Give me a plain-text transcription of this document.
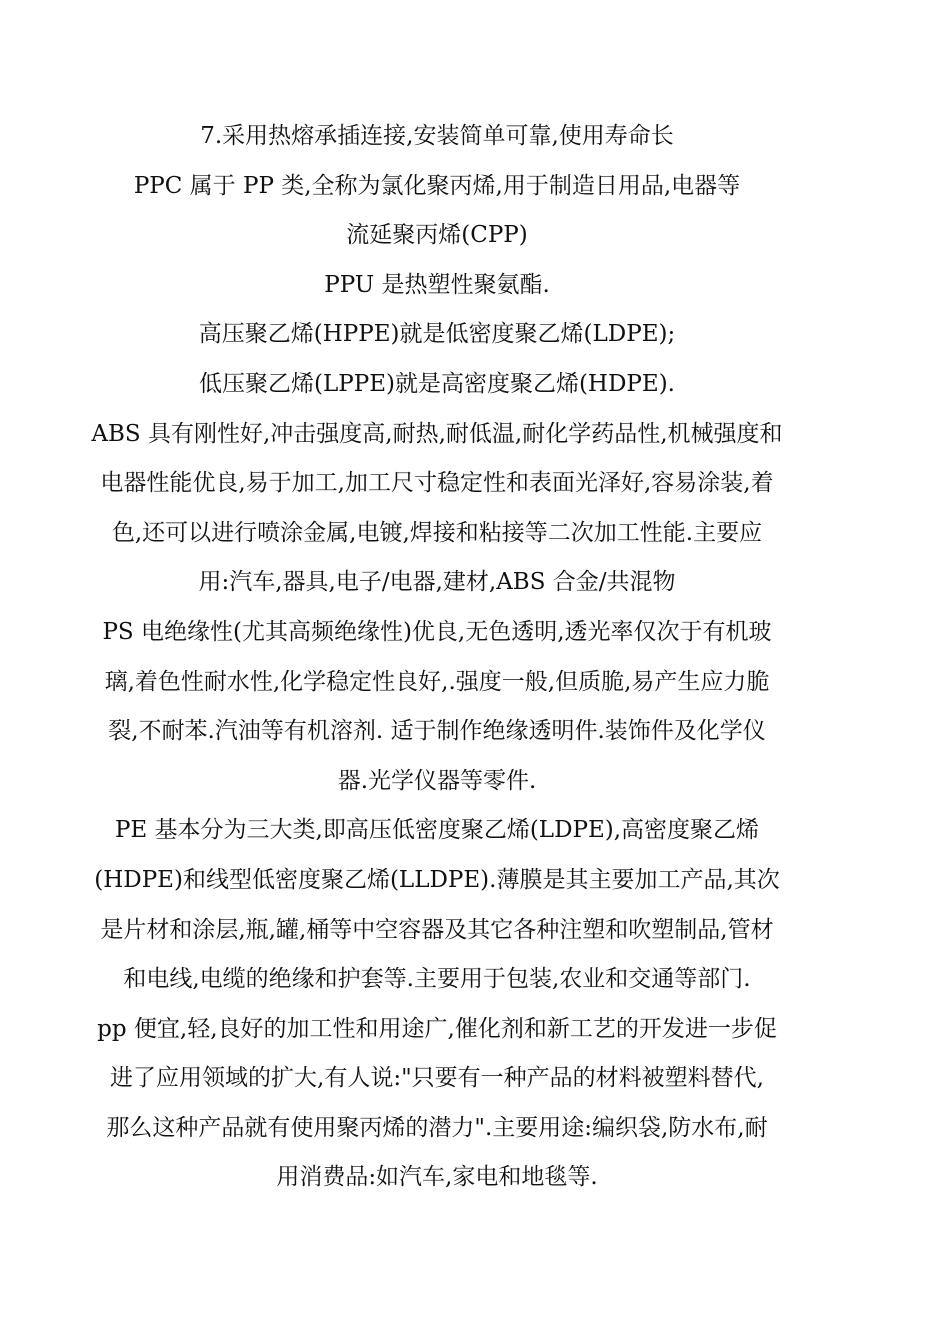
7.采用热熔承插连接,安装简单可靠,使用寿命长
PPC 属于 PP 类,全称为氯化聚丙烯,用于制造日用品,电器等
流延聚丙烯(CPP)
PPU 是热塑性聚氨酯.
高压聚乙烯(HPPE)就是低密度聚乙烯(LDPE);
低压聚乙烯(LPPE)就是高密度聚乙烯(HDPE).
ABS 具有刚性好,冲击强度高,耐热,耐低温,耐化学药品性,机械强度和
电器性能优良,易于加工,加工尺寸稳定性和表面光泽好,容易涂装,着
色,还可以进行喷涂金属,电镀,焊接和粘接等二次加工性能.主要应
用:汽车,器具,电子/电器,建材,ABS 合金/共混物
PS 电绝缘性(尤其高频绝缘性)优良,无色透明,透光率仅次于有机玻
璃,着色性耐水性,化学稳定性良好,.强度一般,但质脆,易产生应力脆
裂,不耐苯.汽油等有机溶剂. 适于制作绝缘透明件.装饰件及化学仪
器.光学仪器等零件.
PE 基本分为三大类,即高压低密度聚乙烯(LDPE),高密度聚乙烯
(HDPE)和线型低密度聚乙烯(LLDPE).薄膜是其主要加工产品,其次
是片材和涂层,瓶,罐,桶等中空容器及其它各种注塑和吹塑制品,管材
和电线,电缆的绝缘和护套等.主要用于包装,农业和交通等部门.
pp 便宜,轻,良好的加工性和用途广,催化剂和新工艺的开发进一步促
进了应用领域的扩大,有人说:"只要有一种产品的材料被塑料替代,
那么这种产品就有使用聚丙烯的潜力".主要用途:编织袋,防水布,耐
用消费品:如汽车,家电和地毯等.
